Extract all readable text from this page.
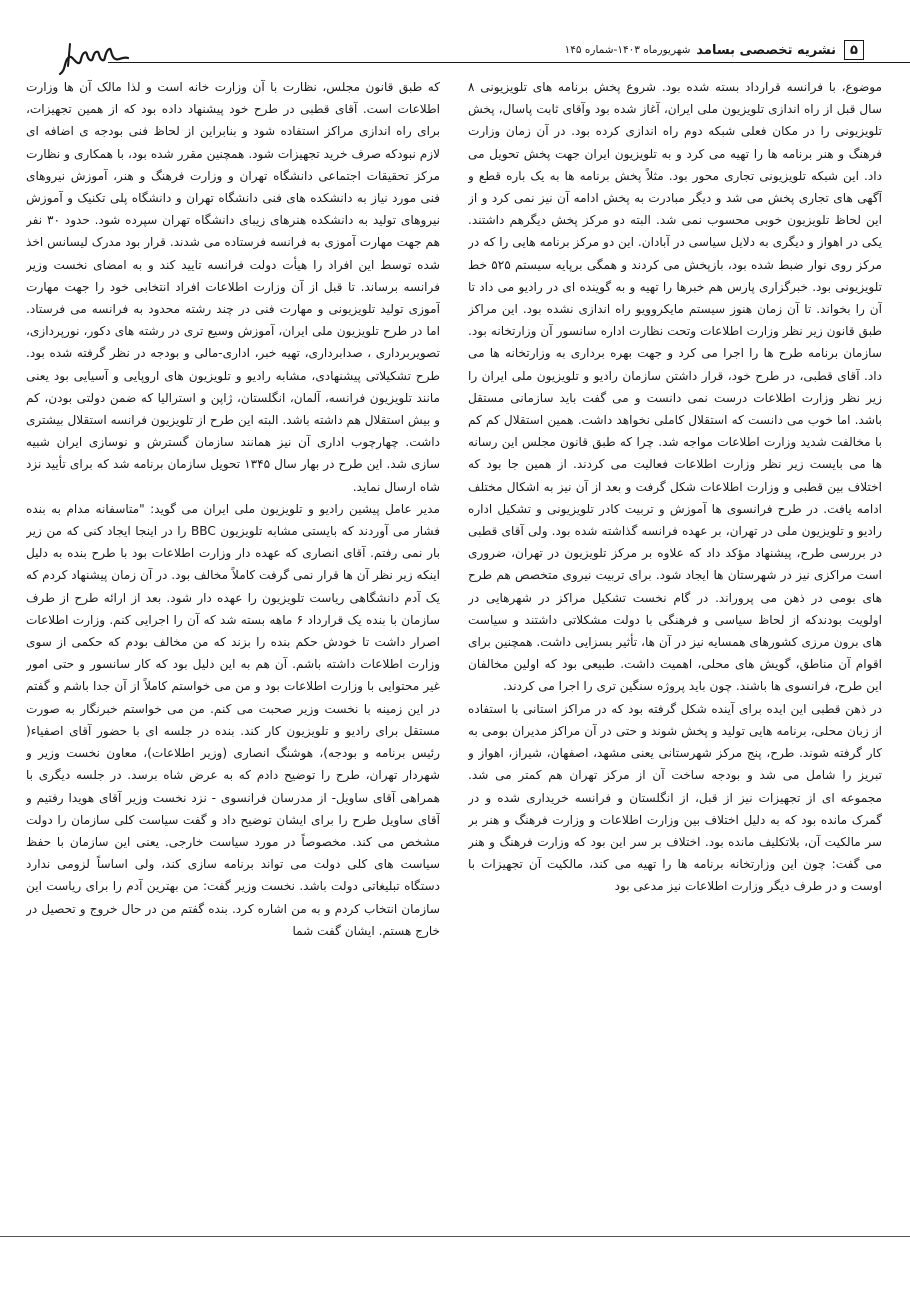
۵
نشریه تخصصی بسامد
شهریورماه ۱۴۰۳-شماره ۱۴۵

موضوع، با فرانسه قرارداد بسته شده بود. شروع پخش برنامه های تلویزیونی ۸ سال قبل از راه اندازی تلویزیون ملی ایران، آغاز شده بود وآقای ثابت پاسال، پخش تلویزیونی را در مکان فعلی شبکه دوم راه اندازی کرده بود. در آن زمان وزارت فرهنگ و هنر برنامه ها را تهیه می کرد و به تلویزیون ایران جهت پخش تحویل می داد. این شبکه تلویزیونی تجاری محور بود. مثلاً پخش برنامه ها به یک باره قطع و آگهی های تجاری پخش می شد و دیگر مبادرت به پخش ادامه آن نیز نمی کرد و از این لحاظ تلویزیون خوبی محسوب نمی شد. البته دو مرکز پخش دیگرهم داشتند. یکی در اهواز و دیگری به دلایل سیاسی در آبادان. این دو مرکز برنامه هایی را که در مرکز روی نوار ضبط شده بود، بازپخش می کردند و همگی برپایه سیستم ۵۲۵ خط تلویزیونی بود. خبرگزاری پارس هم خبرها را تهیه و به گوینده ای در رادیو می داد تا آن را بخواند. تا آن زمان هنوز سیستم مایکروویو راه اندازی نشده بود. این مراکز طبق قانون زیر نظر وزارت اطلاعات وتحت نظارت اداره سانسور آن وزارتخانه بود. سازمان برنامه طرح ها را اجرا می کرد و جهت بهره برداری به وزارتخانه ها می داد. آقای قطبی، در طرح خود، قرار داشتن سازمان رادیو و تلویزیون ملی ایران را زیر نظر وزارت اطلاعات درست نمی دانست و می گفت باید سازمانی مستقل باشد. اما خوب می دانست که استقلال کاملی نخواهد داشت. همین استقلال کم کم با مخالفت شدید وزارت اطلاعات مواجه شد. چرا که طبق قانون مجلس این رسانه ها می بایست زیر نظر وزارت اطلاعات فعالیت می کردند. از همین جا بود که اختلاف بین قطبی و وزارت اطلاعات شکل گرفت و بعد از آن نیز به اشکال مختلف ادامه یافت. در طرح فرانسوی ها آموزش و تربیت کادر تلویزیونی و تشکیل اداره رادیو و تلویزیون ملی در تهران، بر عهده فرانسه گذاشته شده بود. ولی آقای قطبی در بررسی طرح، پیشنهاد مؤکد داد که علاوه بر مرکز تلویزیون در تهران، ضروری است مراکزی نیز در شهرستان ها ایجاد شود. برای تربیت نیروی متخصص هم طرح های بومی در ذهن می پروراند. در گام نخست تشکیل مراکز در شهرهایی در اولویت بودندکه از لحاظ سیاسی و فرهنگی با دولت مشکلاتی داشتند و سیاست های برون مرزی کشورهای همسایه نیز در آن ها، تأثیر بسزایی داشت. همچنین برای اقوام آن مناطق، گویش های محلی، اهمیت داشت. طبیعی بود که اولین مخالفان این طرح، فرانسوی ها باشند. چون باید پروژه سنگین تری را اجرا می کردند.

در ذهن قطبی این ایده برای آینده شکل گرفته بود که در مراکز استانی با استفاده از زبان محلی، برنامه هایی تولید و پخش شوند و حتی در آن مراکز مدیران بومی به کار گرفته شوند. طرح، پنج مرکز شهرستانی یعنی مشهد، اصفهان، شیراز، اهواز و تبریز را شامل می شد و بودجه ساخت آن از مرکز تهران هم کمتر می شد. مجموعه ای از تجهیزات نیز از قبل، از انگلستان و فرانسه خریداری شده و در گمرک مانده بود که به دلیل اختلاف بین وزارت اطلاعات و وزارت فرهنگ و هنر بر سر مالکیت آن، بلاتکلیف مانده بود. اختلاف بر سر این بود که وزارت فرهنگ و هنر می گفت: چون این وزارتخانه برنامه ها را تهیه می کند، مالکیت آن تجهیزات با اوست و در طرف دیگر وزارت اطلاعات نیز مدعی بود

که طبق قانون مجلس، نظارت با آن وزارت خانه است و لذا مالک آن ها وزارت اطلاعات است. آقای قطبی در طرح خود پیشنهاد داده بود که از همین تجهیزات، برای راه اندازی مراکز استفاده شود و بنابراین از لحاظ فنی بودجه ی اضافه ای لازم نبودکه صرف خرید تجهیزات شود. همچنین مقرر شده بود، با همکاری و نظارت مرکز تحقیقات اجتماعی دانشگاه تهران و وزارت فرهنگ و هنر، آموزش نیروهای فنی مورد نیاز به دانشکده های فنی دانشگاه تهران و دانشگاه پلی تکنیک و آموزش نیروهای تولید به دانشکده هنرهای زیبای دانشگاه تهران سپرده شود. حدود ۳۰ نفر هم جهت مهارت آموزی به فرانسه فرستاده می شدند. قرار بود مدرک لیسانس اخذ شده توسط این افراد را هیأت دولت فرانسه تایید کند و به امضای نخست وزیر فرانسه برساند. تا قبل از آن وزارت اطلاعات افراد انتخابی خود را جهت مهارت آموزی تولید تلویزیونی و مهارت فنی در چند رشته محدود به فرانسه می فرستاد. اما در طرح تلویزیون ملی ایران، آموزش وسیع تری در رشته های دکور، نورپردازی، تصویربرداری ، صدابرداری، تهیه خبر، اداری-مالی و بودجه در نظر گرفته شده بود. طرح تشکیلاتی پیشنهادی، مشابه رادیو و تلویزیون های اروپایی و آسیایی بود یعنی مانند تلویزیون فرانسه، آلمان، انگلستان، ژاپن و استرالیا که ضمن دولتی بودن، کم و بیش استقلال هم داشته باشد. البته این طرح از تلویزیون فرانسه استقلال بیشتری داشت. چهارچوب اداری آن نیز همانند سازمان گسترش و نوسازی ایران شبیه سازی شد. این طرح در بهار سال ۱۳۴۵ تحویل سازمان برنامه شد که برای تأیید نزد شاه ارسال نماید.

مدیر عامل پیشین رادیو و تلویزیون ملی ایران می گوید: "متاسفانه مدام به بنده فشار می آوردند که بایستی مشابه تلویزیون BBC را در اینجا ایجاد کنی که من زیر بار نمی رفتم. آقای انصاری که عهده دار وزارت اطلاعات بود با طرح بنده به دلیل اینکه زیر نظر آن ها قرار نمی گرفت کاملاً مخالف بود. در آن زمان پیشنهاد کردم که یک آدم دانشگاهی ریاست تلویزیون را عهده دار شود. بعد از ارائه طرح از طرف سازمان با بنده یک قرارداد ۶ ماهه بسته شد که آن را اجرایی کنم. وزارت اطلاعات اصرار داشت تا خودش حکم بنده را بزند که من مخالف بودم که حکمی از سوی وزارت اطلاعات داشته باشم. آن هم به این دلیل بود که کار سانسور و حتی امور غیر محتوایی با وزارت اطلاعات بود و من می خواستم کاملاً از آن جدا باشم و گفتم در این زمینه با نخست وزیر صحبت می کنم. من می خواستم خبرنگار به صورت مستقل برای رادیو و تلویزیون کار کند. بنده در جلسه ای با حضور آقای اصفیاء( رئیس برنامه و بودجه)، هوشنگ انصاری (وزیر اطلاعات)، معاون نخست وزیر و شهردار تهران، طرح را توضیح دادم که به عرض شاه برسد. در جلسه دیگری با همراهی آقای ساویل- از مدرسان فرانسوی - نزد نخست وزیر آقای هویدا رفتیم و آقای ساویل طرح را برای ایشان توضیح داد و گفت سیاست کلی سازمان را دولت مشخص می کند. مخصوصاً در مورد سیاست خارجی. یعنی این سازمان با حفظ سیاست های کلی دولت می تواند برنامه سازی کند، ولی اساساً لزومی ندارد دستگاه تبلیغاتی دولت باشد. نخست وزیر گفت: من بهترین آدم را برای ریاست این سازمان انتخاب کردم و به من اشاره کرد. بنده گفتم من در حال خروج و تحصیل در خارج هستم. ایشان گفت شما
